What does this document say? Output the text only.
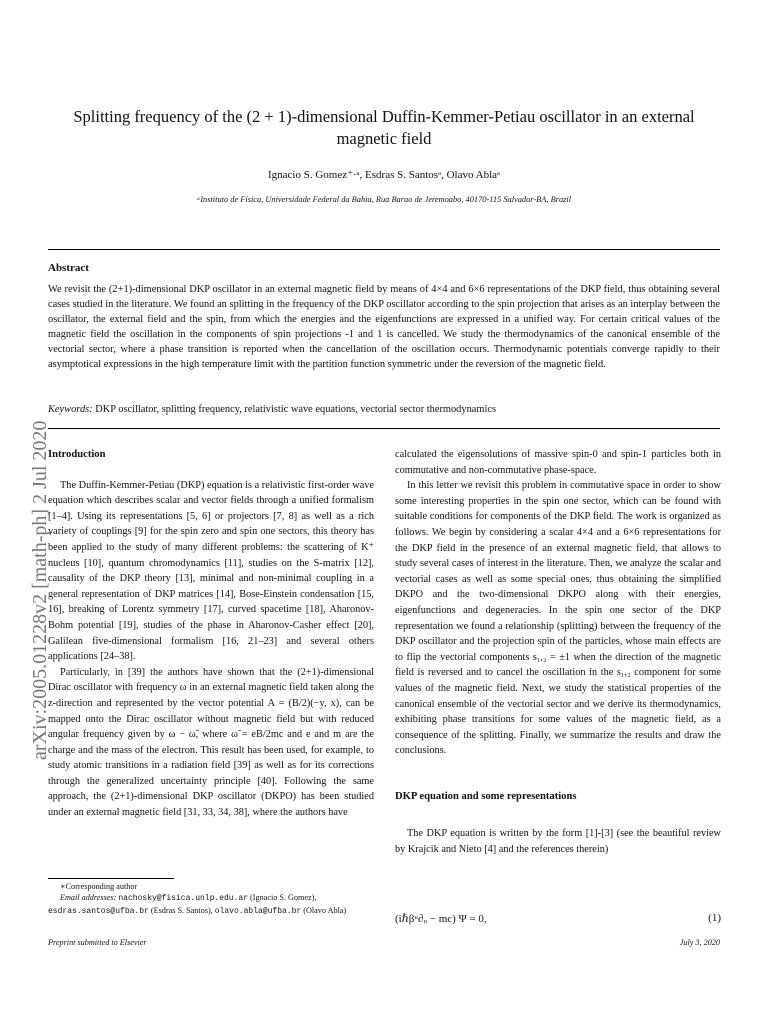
Splitting frequency of the (2 + 1)-dimensional Duffin-Kemmer-Petiau oscillator in an external magnetic field
Ignacio S. Gomez⁺·ᵃ, Esdras S. Santosᵃ, Olavo Ablaᵃ
ᵃInstituto de Física, Universidade Federal da Bahia, Rua Barao de Jeremoabo, 40170-115 Salvador-BA, Brazil
Abstract
We revisit the (2+1)-dimensional DKP oscillator in an external magnetic field by means of 4×4 and 6×6 representations of the DKP field, thus obtaining several cases studied in the literature. We found an splitting in the frequency of the DKP oscillator according to the spin projection that arises as an interplay between the oscillator, the external field and the spin, from which the energies and the eigenfunctions are expressed in a unified way. For certain critical values of the magnetic field the oscillation in the components of spin projections -1 and 1 is cancelled. We study the thermodynamics of the canonical ensemble of the vectorial sector, where a phase transition is reported when the cancellation of the oscillation occurs. Thermodynamic potentials converge rapidly to their asymptotical expressions in the high temperature limit with the partition function symmetric under the reversion of the magnetic field.
Keywords: DKP oscillator, splitting frequency, relativistic wave equations, vectorial sector thermodynamics
arXiv:2005.01228v2 [math-ph] 2 Jul 2020
Introduction

The Duffin-Kemmer-Petiau (DKP) equation is a relativistic first-order wave equation which describes scalar and vector fields through a unified formalism [1–4]. Using its representations [5, 6] or projectors [7, 8] as well as a rich variety of couplings [9] for the spin zero and spin one sectors, this theory has been applied to the study of many different problems: the scattering of K⁺ nucleus [10], quantum chromodynamics [11], studies on the S-matrix [12], causality of the DKP theory [13], minimal and non-minimal coupling in a general representation of DKP matrices [14], Bose-Einstein condensation [15, 16], breaking of Lorentz symmetry [17], curved spacetime [18], Aharonov-Bohm potential [19], studies of the phase in Aharonov-Casher effect [20], Galilean five-dimensional formalism [16, 21–23] and several others applications [24–38].

Particularly, in [39] the authors have shown that the (2+1)-dimensional Dirac oscillator with frequency ω in an external magnetic field taken along the z-direction and represented by the vector potential A = (B/2)(−y, x), can be mapped onto the Dirac oscillator without magnetic field but with reduced angular frequency given by ω − ω̃, where ω̃ = eB/2mc and e and m are the charge and the mass of the electron. This result has been used, for example, to study atomic transitions in a radiation field [39] as well as for its corrections through the generalized uncertainty principle [40]. Following the same approach, the (2+1)-dimensional DKP oscillator (DKPO) has been studied under an external magnetic field [31, 33, 34, 38], where the authors have

calculated the eigensolutions of massive spin-0 and spin-1 particles both in commutative and non-commutative phase-space.

In this letter we revisit this problem in commutative space in order to show some interesting properties in the spin one sector, which can be found with suitable conditions for components of the DKP field. The work is organized as follows. We begin by considering a scalar 4×4 and a 6×6 representations for the DKP field in the presence of an external magnetic field, that allows to study several cases of interest in the literature. Then, we analyze the scalar and vectorial cases as well as some special ones, thus obtaining the simplified DKPO and the two-dimensional DKPO along with their energies, eigenfunctions and degeneracies. In the spin one sector of the DKP representation we found a relationship (splitting) between the frequency of the DKP oscillator and the projection spin of the particles, whose main effects are to flip the vectorial components s₁,₂ = ±1 when the direction of the magnetic field is reversed and to cancel the oscillation in the s₁,₂ component for some values of the magnetic field. Next, we study the statistical properties of the canonical ensemble of the vectorial sector and we derive its thermodynamics, exhibiting phase transitions for some values of the magnetic field, as a consequence of the splitting. Finally, we summarize the results and draw the conclusions.

DKP equation and some representations

The DKP equation is written by the form [1]-[3] (see the beautiful review by Krajcik and Nieto [4] and the references therein)

(iℏβᵘ∂ᵤ − mc) Ψ = 0,	(1)
∗Corresponding author
Email addresses: nachosky@fisica.unlp.edu.ar (Ignacio S. Gomez), esdras.santos@ufba.br (Esdras S. Santos), olavo.abla@ufba.br (Olavo Abla)
Preprint submitted to Elsevier	July 3, 2020
